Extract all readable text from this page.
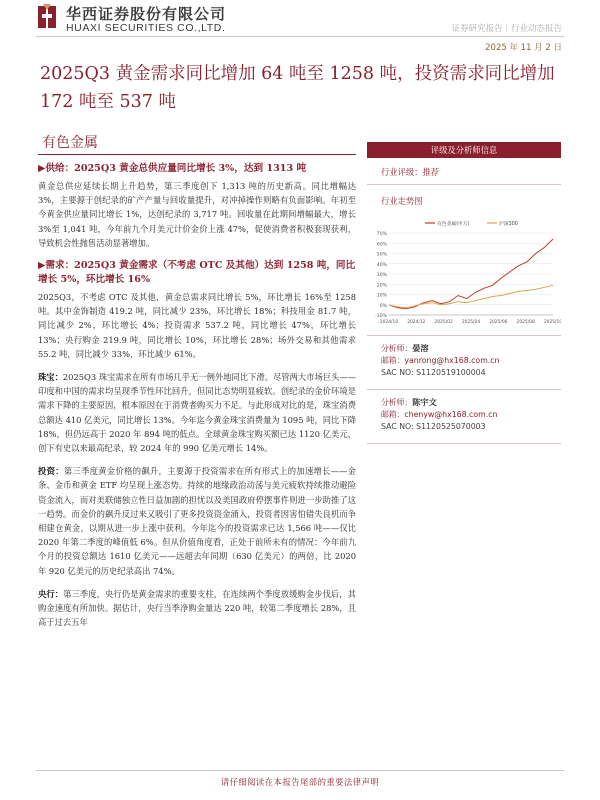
华西证券股份有限公司
HUAXI SECURITIES CO.,LTD.	证券研究报告｜行业动态报告
2025 年 11 月 2 日
2025Q3 黄金需求同比增加 64 吨至 1258 吨，投资需求同比增加 172 吨至 537 吨
有色金属
▶供给：2025Q3 黄金总供应量同比增长 3%，达到 1313 吨

黄金总供应延续长期上升趋势，第三季度创下 1,313 吨的历史新高。同比增幅达 3%，主要源于创纪录的矿产产量与回收量提升，对冲掉操作则略有负面影响。年初至今黄金供应量同比增长 1%，达创纪录的 3,717 吨。回收量在此期间增幅最大，增长 3%至 1,041 吨，今年前九个月美元计价金价上涨 47%，促使消费者积极套现获利，导致机会性抛售活动显著增加。

▶需求：2025Q3 黄金需求（不考虑 OTC 及其他）达到 1258 吨，同比增长 5%，环比增长 16%

2025Q3，不考虑 OTC 及其他，黄金总需求同比增长 5%，环比增长 16%至 1258 吨。其中金饰制造 419.2 吨，同比减少 23%，环比增长 18%；科技用金 81.7 吨，同比减少 2%，环比增长 4%；投资需求 537.2 吨，同比增长 47%，环比增长 13%；央行购金 219.9 吨，同比增长 10%，环比增长 28%；场外交易和其他需求 55.2 吨，同比减少 33%，环比减少 61%。

珠宝：2025Q3 珠宝需求在所有市场几乎无一例外地同比下滑。尽管两大市场巨头——印度和中国的需求均呈现季节性环比回升，但同比态势明显疲软。创纪录的金价环境是需求下降的主要原因，根本原因在于消费者购买力不足。与此形成对比的是，珠宝消费总额达 410 亿美元，同比增长 13%。今年迄今黄金珠宝消费量为 1095 吨，同比下降 18%，但仍远高于 2020 年 894 吨的低点。全球黄金珠宝购买额已达 1120 亿美元，创下有史以来最高纪录，较 2024 年的 990 亿美元增长 14%。

投资：第三季度黄金价格的飙升，主要源于投资需求在所有形式上的加速增长——金条、金币和黄金 ETF 均呈现上涨态势。持续的地缘政治动荡与美元疲软持续推动避险资金流入，而对美联储独立性日益加剧的担忧以及美国政府停摆事件则进一步助推了这一趋势。而金价的飙升反过来又吸引了更多投资资金涌入，投资者因害怕错失良机而争相建仓黄金，以期从进一步上涨中获利。今年迄今的投资需求已达 1,566 吨——仅比 2020 年第二季度的峰值低 6%。但从价值角度看，正处于前所未有的情况：今年前九个月的投资总额达 1610 亿美元——远超去年同期（630 亿美元）的两倍，比 2020 年 920 亿美元的历史纪录高出 74%。

央行：第三季度，央行仍是黄金需求的重要支柱，在连续两个季度放缓购金步伐后，其购金速度有所加快。据估计，央行当季净购金量达 220 吨，较第二季度增长 28%，且高于过去五年

评级及分析师信息
行业评级：推荐
行业走势图
-10%
0%
10%
20%
30%
40%
50%
60%
70%
2024/10 2024/12 2025/02 2025/04 2025/06 2025/08 2025/10
有色金属(申万)	沪深300
分析师：晏溶
邮箱：yanrong@hx168.com.cn
SAC NO: S1120519100004
分析师：陈宇文
邮箱：chenyw@hx168.com.cn
SAC NO: S1120525070003
请仔细阅读在本报告尾部的重要法律声明
